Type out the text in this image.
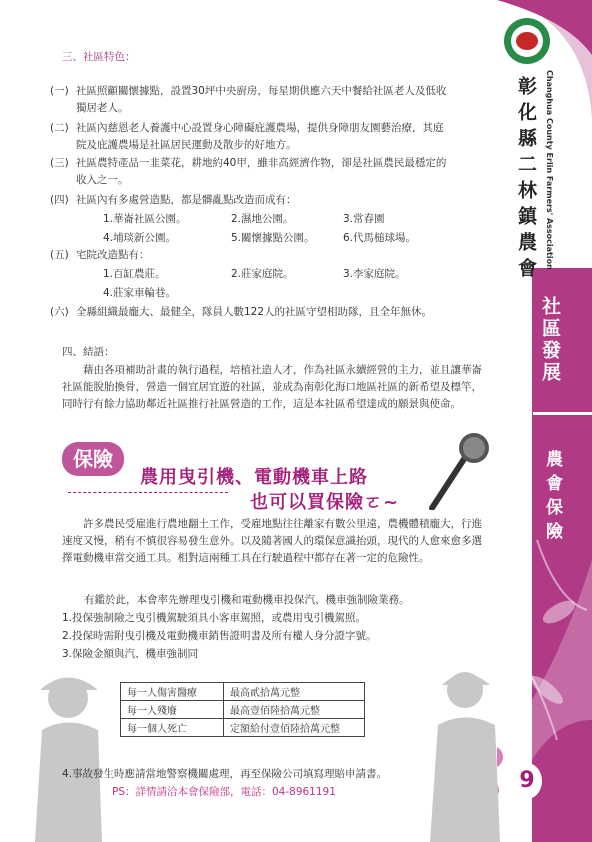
彰化縣二林鎮農會	Changhua County Erlin Farmers' Association
社區發展
農會保險
9
三、社區特色：
(一) 社區照顧關懷據點，設置30坪中央廚房，每星期供應六天中餐給社區老人及低收
獨居老人。
(二) 社區內慈恩老人養護中心設置身心障礙庇護農場，提供身障朋友園藝治療，其庭
院及庇護農場是社區居民運動及散步的好地方。
(三) 社區農特產品一韭菜花，耕地約40甲，雖非高經濟作物，卻是社區農民最穩定的
收入之一。
(四) 社區內有多處營造點，都是髒亂點改造而成有：
1.華崙社區公園。	2.濕地公園。	3.常春園
4.埔琰新公園。	5.關懷據點公園。	6.代馬槌球場。
(五) 宅院改造點有：
1.百缸農莊。	2.莊家庭院。	3.李家庭院。
4.莊家車輪巷。
(六) 全縣組織最龐大、最健全，隊員人數122人的社區守望相助隊，且全年無休。
四、結語：
藉由各項補助計畫的執行過程，培植社造人才，作為社區永續經營的主力，並且讓華崙社區能脫胎換骨，營造一個宜居宜遊的社區，並成為南彰化海口地區社區的新希望及標竿，同時行有餘力協助鄰近社區推行社區營造的工作，這是本社區希望達成的願景與使命。
保險
農用曳引機、電動機車上路
也可以買保險ㄛ~
許多農民受雇進行農地翻土工作，受雇地點往往離家有數公里遠，農機體積龐大，行進速度又慢，稍有不慎很容易發生意外。以及隨著國人的環保意識抬頭，現代的人愈來愈多選擇電動機車當交通工具。相對這兩種工具在行駛過程中都存在著一定的危險性。
有鑑於此，本會率先辦理曳引機和電動機車投保汽、機車強制險業務。
1.投保強制險之曳引機駕駛須具小客車駕照，或農用曳引機駕照。
2.投保時需附曳引機及電動機車銷售證明書及所有權人身分證字號。
3.保險金額與汽、機車強制同
每一人傷害醫療	最高貳拾萬元整
每一人殘廢	最高壹佰陸拾萬元整
每一個人死亡	定額給付壹佰陸拾萬元整
4.事故發生時應請當地警察機關處理，再至保險公司填寫理賠申請書。
PS：詳情請洽本會保險部，電話：04-8961191
